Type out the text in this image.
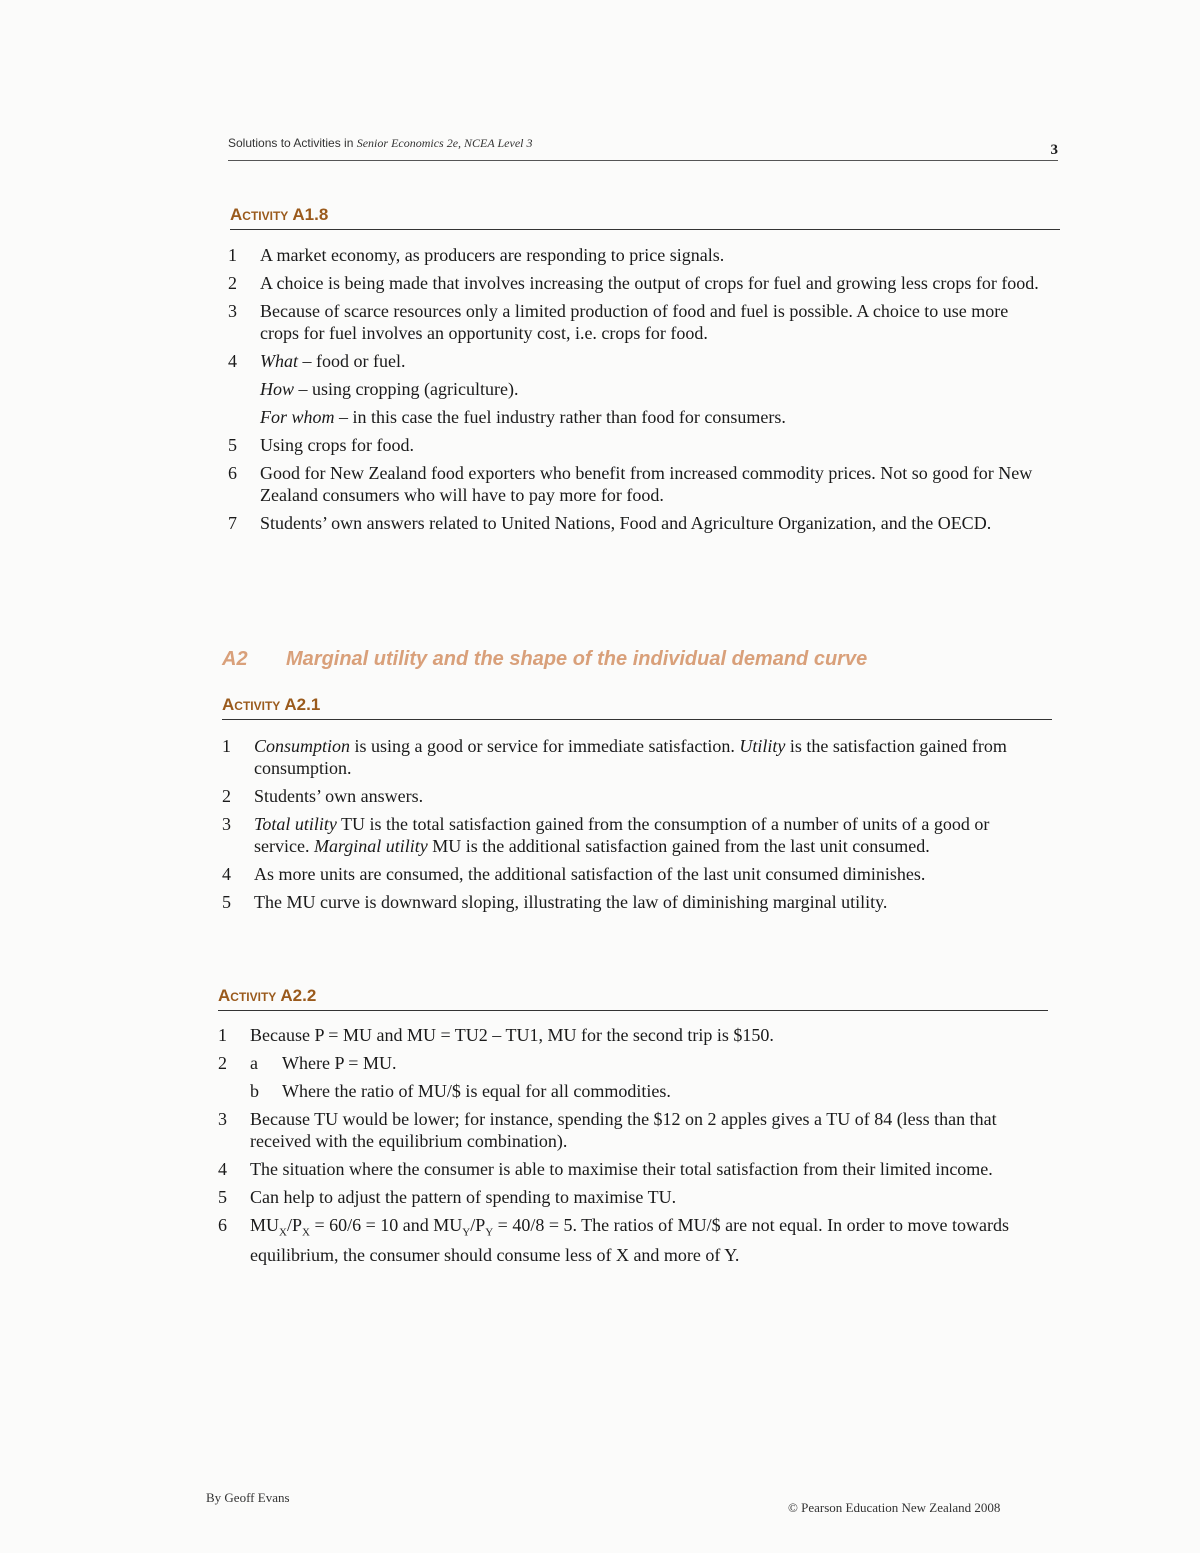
Solutions to Activities in Senior Economics 2e, NCEA Level 3	3
Activity A1.8
1	A market economy, as producers are responding to price signals.
2	A choice is being made that involves increasing the output of crops for fuel and growing less crops for food.
3	Because of scarce resources only a limited production of food and fuel is possible. A choice to use more crops for fuel involves an opportunity cost, i.e. crops for food.
4	What – food or fuel.
How – using cropping (agriculture).
For whom – in this case the fuel industry rather than food for consumers.
5	Using crops for food.
6	Good for New Zealand food exporters who benefit from increased commodity prices. Not so good for New Zealand consumers who will have to pay more for food.
7	Students’ own answers related to United Nations, Food and Agriculture Organization, and the OECD.
A2 Marginal utility and the shape of the individual demand curve
Activity A2.1
1	Consumption is using a good or service for immediate satisfaction. Utility is the satisfaction gained from consumption.
2	Students’ own answers.
3	Total utility TU is the total satisfaction gained from the consumption of a number of units of a good or service. Marginal utility MU is the additional satisfaction gained from the last unit consumed.
4	As more units are consumed, the additional satisfaction of the last unit consumed diminishes.
5	The MU curve is downward sloping, illustrating the law of diminishing marginal utility.
Activity A2.2
1	Because P = MU and MU = TU2 – TU1, MU for the second trip is $150.
2	a Where P = MU.
b Where the ratio of MU/$ is equal for all commodities.
3	Because TU would be lower; for instance, spending the $12 on 2 apples gives a TU of 84 (less than that received with the equilibrium combination).
4	The situation where the consumer is able to maximise their total satisfaction from their limited income.
5	Can help to adjust the pattern of spending to maximise TU.
6	$MU_X/P_X = 60/6 = 10$ and $MU_Y/P_Y = 40/8 = 5$. The ratios of MU/$ are not equal. In order to move towards equilibrium, the consumer should consume less of X and more of Y.
By Geoff Evans
© Pearson Education New Zealand 2008
